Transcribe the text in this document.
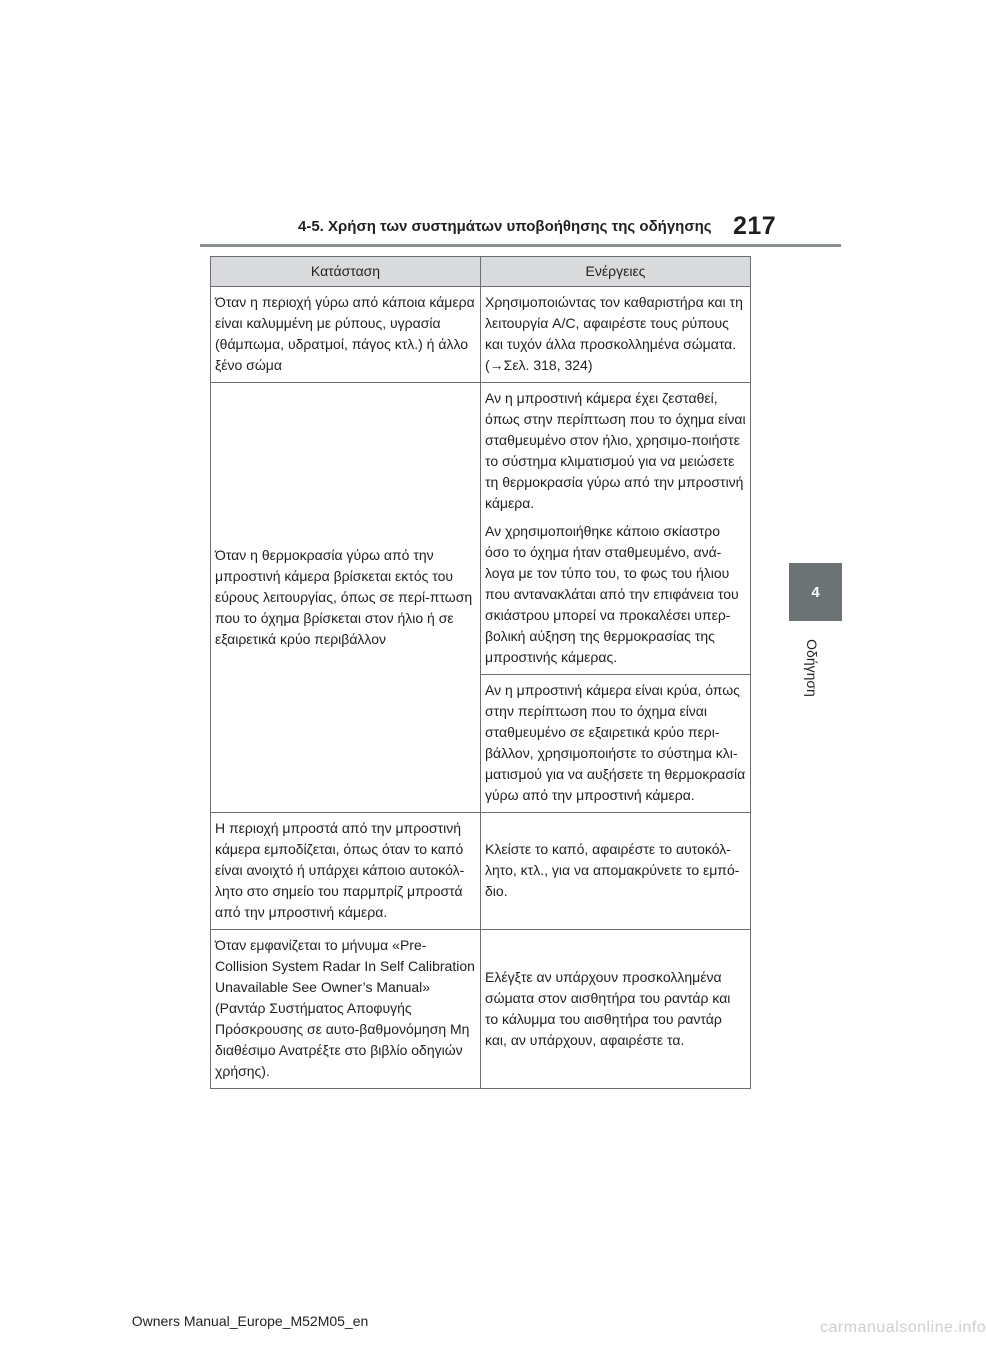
4-5. Χρήση των συστημάτων υποβοήθησης της οδήγησης 217
4
Οδήγηση
Κατάσταση	Ενέργειες
Όταν η περιοχή γύρω από κάποια κάμερα είναι καλυμμένη με ρύπους, υγρασία (θάμπωμα, υδρατμοί, πάγος κτλ.) ή άλλο ξένο σώμα	Χρησιμοποιώντας τον καθαριστήρα και τη λειτουργία A/C, αφαιρέστε τους ρύπους και τυχόν άλλα προσκολλημένα σώματα. (→Σελ. 318, 324)
Όταν η θερμοκρασία γύρω από την μπροστινή κάμερα βρίσκεται εκτός του εύρους λειτουργίας, όπως σε περί-πτωση που το όχημα βρίσκεται στον ήλιο ή σε εξαιρετικά κρύο περιβάλλον	Αν η μπροστινή κάμερα έχει ζεσταθεί, όπως στην περίπτωση που το όχημα είναι σταθμευμένο στον ήλιο, χρησιμο-ποιήστε το σύστημα κλιματισμού για να μειώσετε τη θερμοκρασία γύρω από την μπροστινή κάμερα.
Αν χρησιμοποιήθηκε κάποιο σκίαστρο όσο το όχημα ήταν σταθμευμένο, ανά-λογα με τον τύπο του, το φως του ήλιου που αντανακλάται από την επιφάνεια του σκιάστρου μπορεί να προκαλέσει υπερ-βολική αύξηση της θερμοκρασίας της μπροστινής κάμερας.

	Αν η μπροστινή κάμερα είναι κρύα, όπως στην περίπτωση που το όχημα είναι σταθμευμένο σε εξαιρετικά κρύο περι-βάλλον, χρησιμοποιήστε το σύστημα κλι-ματισμού για να αυξήσετε τη θερμοκρασία γύρω από την μπροστινή κάμερα.
Η περιοχή μπροστά από την μπροστινή κάμερα εμποδίζεται, όπως όταν το καπό είναι ανοιχτό ή υπάρχει κάποιο αυτοκόλ-λητο στο σημείο του παρμπρίζ μπροστά από την μπροστινή κάμερα.	Κλείστε το καπό, αφαιρέστε το αυτοκόλ-λητο, κτλ., για να απομακρύνετε το εμπό-διο.
Όταν εμφανίζεται το μήνυμα «Pre-Collision System Radar In Self Calibration Unavailable See Owner’s Manual» (Ραντάρ Συστήματος Αποφυγής Πρόσκρουσης σε αυτο-βαθμονόμηση Μη διαθέσιμο Ανατρέξτε στο βιβλίο οδηγιών χρήσης).	Ελέγξτε αν υπάρχουν προσκολλημένα σώματα στον αισθητήρα του ραντάρ και το κάλυμμα του αισθητήρα του ραντάρ και, αν υπάρχουν, αφαιρέστε τα.
Owners Manual_Europe_M52M05_en	carmanualsonline.info
